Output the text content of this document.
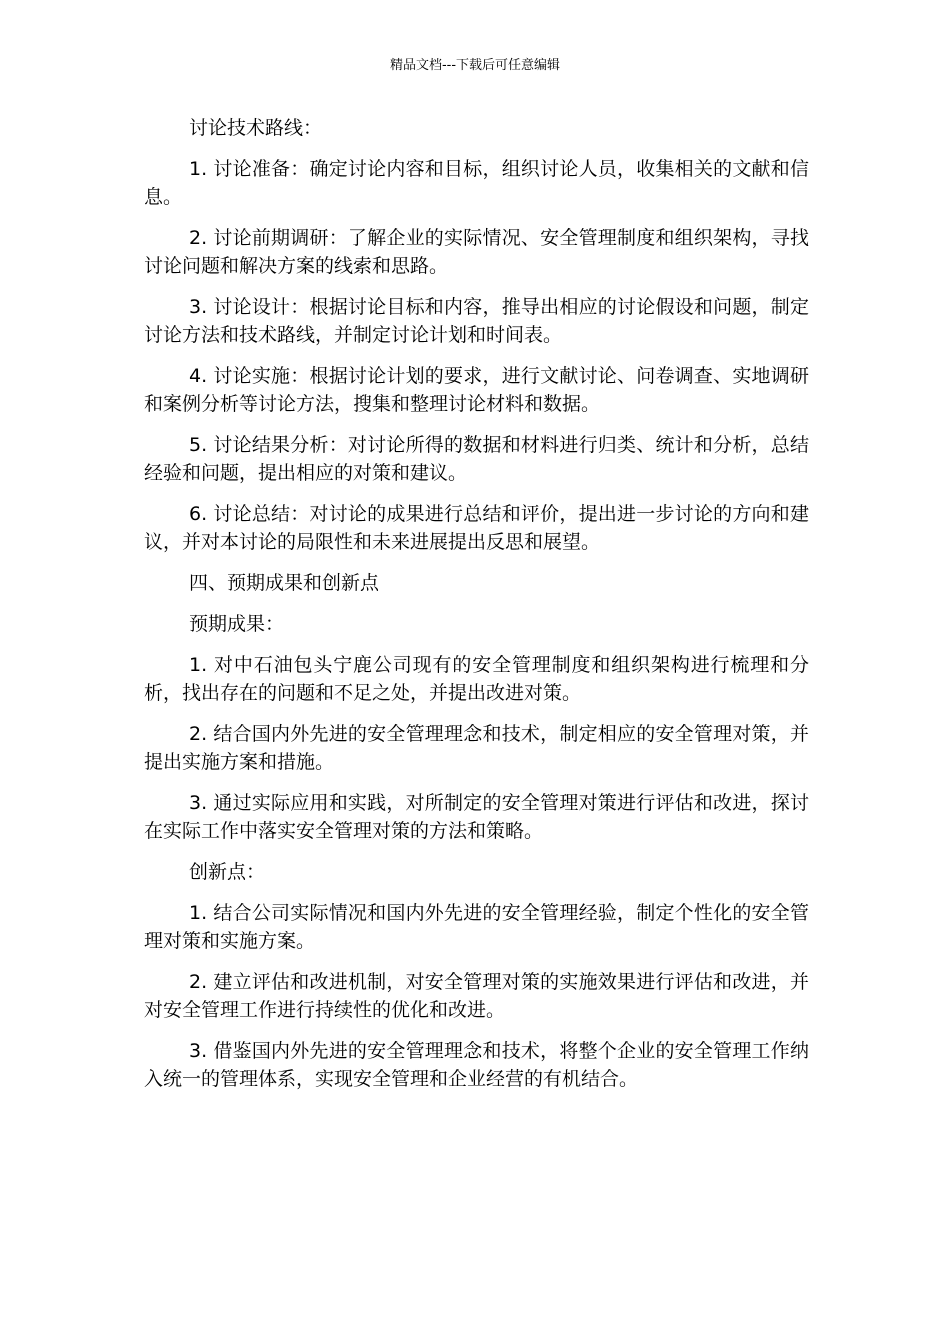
精品文档---下载后可任意编辑

讨论技术路线：

1. 讨论准备：确定讨论内容和目标，组织讨论人员，收集相关的文献和信息。

2. 讨论前期调研：了解企业的实际情况、安全管理制度和组织架构，寻找讨论问题和解决方案的线索和思路。

3. 讨论设计：根据讨论目标和内容，推导出相应的讨论假设和问题，制定讨论方法和技术路线，并制定讨论计划和时间表。

4. 讨论实施：根据讨论计划的要求，进行文献讨论、问卷调查、实地调研和案例分析等讨论方法，搜集和整理讨论材料和数据。

5. 讨论结果分析：对讨论所得的数据和材料进行归类、统计和分析，总结经验和问题，提出相应的对策和建议。

6. 讨论总结：对讨论的成果进行总结和评价，提出进一步讨论的方向和建议，并对本讨论的局限性和未来进展提出反思和展望。

四、预期成果和创新点

预期成果：

1. 对中石油包头宁鹿公司现有的安全管理制度和组织架构进行梳理和分析，找出存在的问题和不足之处，并提出改进对策。

2. 结合国内外先进的安全管理理念和技术，制定相应的安全管理对策，并提出实施方案和措施。

3. 通过实际应用和实践，对所制定的安全管理对策进行评估和改进，探讨在实际工作中落实安全管理对策的方法和策略。

创新点：

1. 结合公司实际情况和国内外先进的安全管理经验，制定个性化的安全管理对策和实施方案。

2. 建立评估和改进机制，对安全管理对策的实施效果进行评估和改进，并对安全管理工作进行持续性的优化和改进。

3. 借鉴国内外先进的安全管理理念和技术，将整个企业的安全管理工作纳入统一的管理体系，实现安全管理和企业经营的有机结合。
